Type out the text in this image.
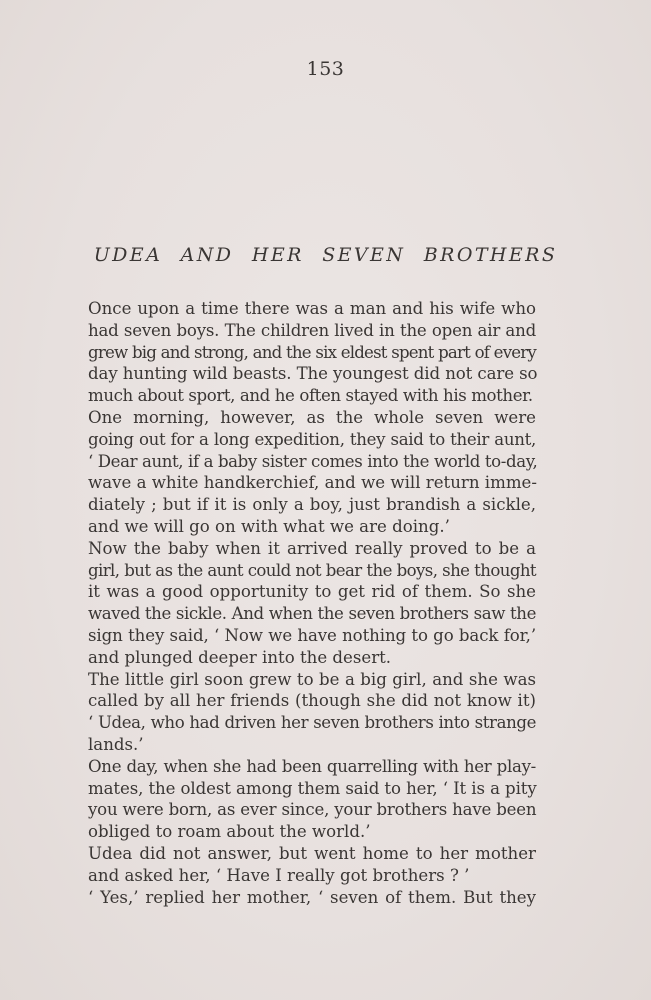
153
UDEA AND HER SEVEN BROTHERS
Once upon a time there was a man and his wife who
had seven boys. The children lived in the open air and
grew big and strong, and the six eldest spent part of every
day hunting wild beasts. The youngest did not care so
much about sport, and he often stayed with his mother.
One morning, however, as the whole seven were
going out for a long expedition, they said to their aunt,
‘ Dear aunt, if a baby sister comes into the world to-day,
wave a white handkerchief, and we will return imme-
diately ; but if it is only a boy, just brandish a sickle,
and we will go on with what we are doing.’
Now the baby when it arrived really proved to be a
girl, but as the aunt could not bear the boys, she thought
it was a good opportunity to get rid of them. So she
waved the sickle. And when the seven brothers saw the
sign they said, ‘ Now we have nothing to go back for,’
and plunged deeper into the desert.
The little girl soon grew to be a big girl, and she was
called by all her friends (though she did not know it)
‘ Udea, who had driven her seven brothers into strange
lands.’
One day, when she had been quarrelling with her play-
mates, the oldest among them said to her, ‘ It is a pity
you were born, as ever since, your brothers have been
obliged to roam about the world.’
Udea did not answer, but went home to her mother
and asked her, ‘ Have I really got brothers ? ’
‘ Yes,’ replied her mother, ‘ seven of them. But they
